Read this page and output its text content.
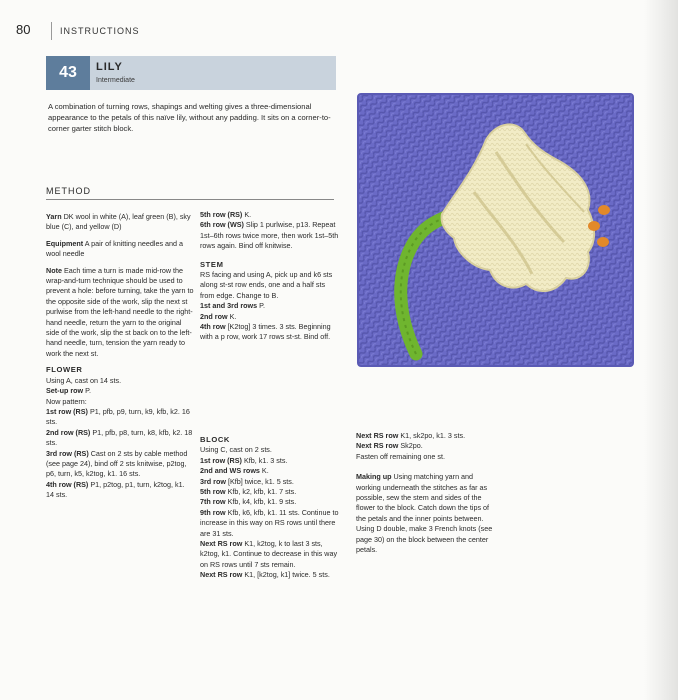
80	INSTRUCTIONS
43	LILY
Intermediate
A combination of turning rows, shapings and welting gives a three-dimensional appearance to the petals of this naïve lily, without any padding. It sits on a corner-to-corner garter stitch block.
METHOD

Yarn DK wool in white (A), leaf green (B), sky blue (C), and yellow (D)

Equipment A pair of knitting needles and a wool needle

Note Each time a turn is made mid-row the wrap-and-turn technique should be used to prevent a hole: before turning, take the yarn to the opposite side of the work, slip the next st purlwise from the left-hand needle to the right-hand needle, return the yarn to the original side of the work, slip the st back on to the left-hand needle, turn, tension the yarn ready to work the next st.

FLOWER
Using A, cast on 14 sts.
Set-up row P.
Now pattern:
1st row (RS) P1, pfb, p9, turn, k9, kfb, k2. 16 sts.
2nd row (RS) P1, pfb, p8, turn, k8, kfb, k2. 18 sts.
3rd row (RS) Cast on 2 sts by cable method (see page 24), bind off 2 sts knitwise, p2tog, p6, turn, k5, k2tog, k1. 16 sts.
4th row (RS) P1, p2tog, p1, turn, k2tog, k1. 14 sts.
5th row (RS) K.
6th row (WS) Slip 1 purlwise, p13. Repeat 1st–6th rows twice more, then work 1st–5th rows again. Bind off knitwise.
STEM
RS facing and using A, pick up and k6 sts along st-st row ends, one and a half sts from edge. Change to B.
1st and 3rd rows P.
2nd row K.
4th row [K2tog] 3 times. 3 sts. Beginning with a p row, work 17 rows st-st. Bind off.
BLOCK
Using C, cast on 2 sts.
1st row (RS) Kfb, k1. 3 sts.
2nd and WS rows K.
3rd row [Kfb] twice, k1. 5 sts.
5th row Kfb, k2, kfb, k1. 7 sts.
7th row Kfb, k4, kfb, k1. 9 sts.
9th row Kfb, k6, kfb, k1. 11 sts. Continue to increase in this way on RS rows until there are 31 sts.
Next RS row K1, k2tog, k to last 3 sts, k2tog, k1. Continue to decrease in this way on RS rows until 7 sts remain.
Next RS row K1, [k2tog, k1] twice. 5 sts.
Next RS row K1, sk2po, k1. 3 sts.
Next RS row Sk2po.
Fasten off remaining one st.

Making up Using matching yarn and working underneath the stitches as far as possible, sew the stem and sides of the flower to the block. Catch down the tips of the petals and the inner points between. Using D double, make 3 French knots (see page 30) on the block between the center petals.
